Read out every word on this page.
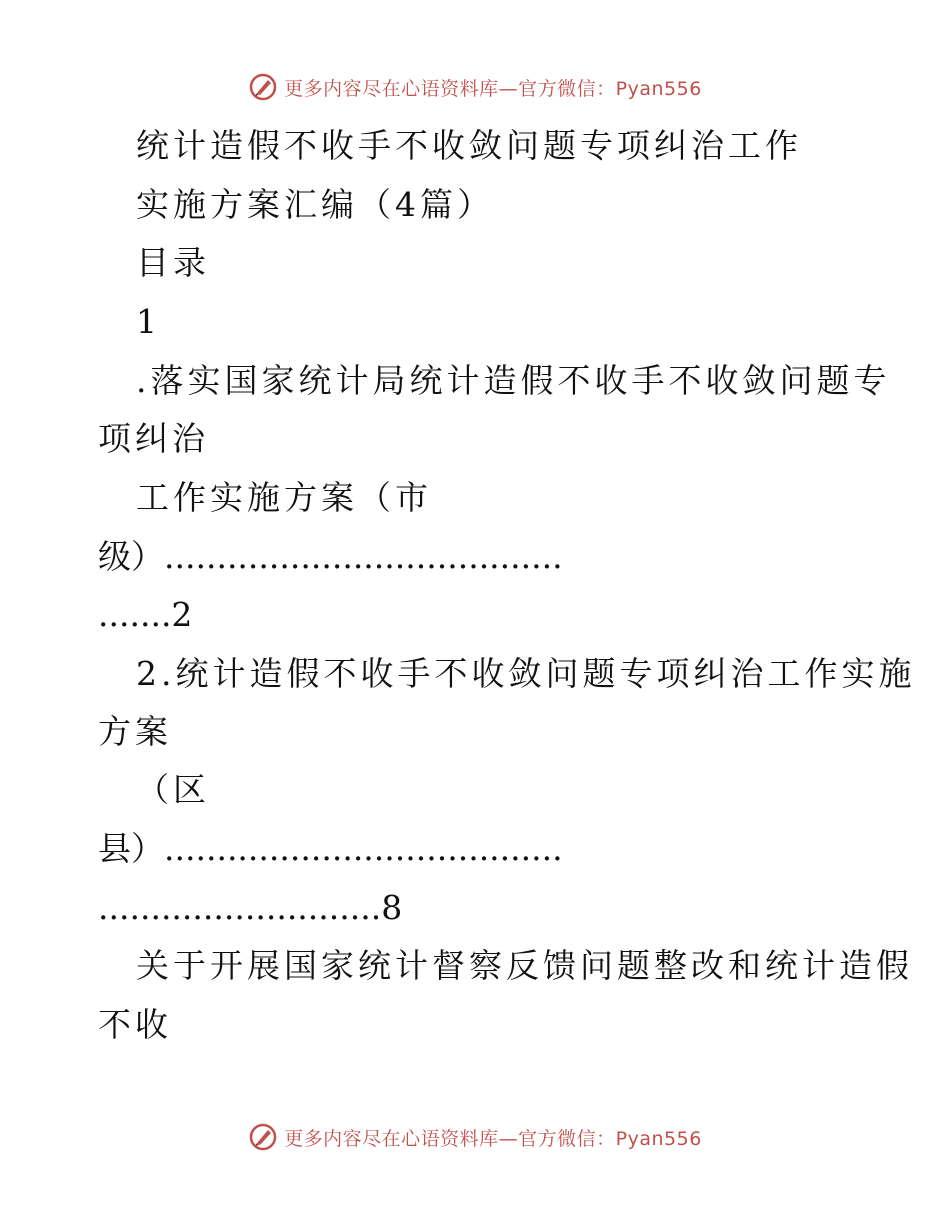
更多内容尽在心语资料库—官方微信：Pyan556
统计造假不收手不收敛问题专项纠治工作
实施方案汇编（4篇）
目录
1
.落实国家统计局统计造假不收手不收敛问题专
项纠治
工作实施方案（市
级）......................................
.......2
2.统计造假不收手不收敛问题专项纠治工作实施
方案
（区
县）......................................
...........................8
关于开展国家统计督察反馈问题整改和统计造假
不收
更多内容尽在心语资料库—官方微信：Pyan556
